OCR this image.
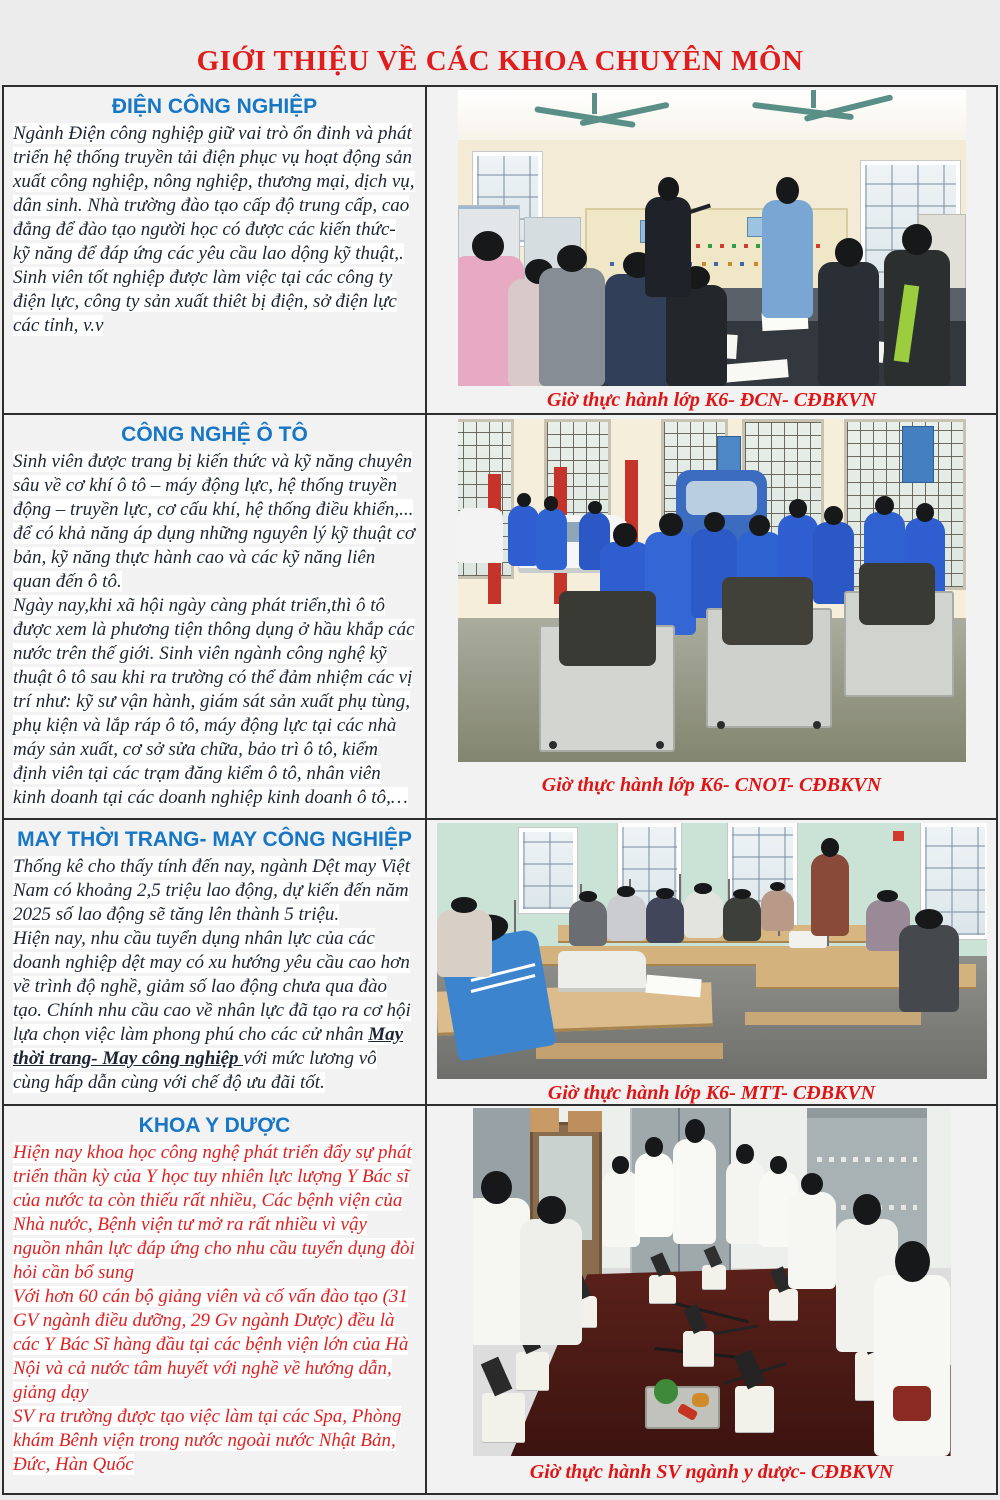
GIỚI THIỆU VỀ CÁC KHOA CHUYÊN MÔN
ĐIỆN CÔNG NGHIỆP

Ngành Điện công nghiệp giữ vai trò ổn đinh và phát triển hệ thống truyền tải điện phục vụ hoạt động sản xuất công nghiệp, nông nghiệp, thương mại, dịch vụ, dân sinh. Nhà trường đào tạo cấp độ trung cấp, cao đẳng để đào tạo người học có được các kiến thức- kỹ năng để đáp ứng các yêu cầu lao dộng kỹ thuật,. Sinh viên tốt nghiệp được làm việc tại các công ty điện lực, công ty sản xuất thiêt bị điện, sở điện lực các tỉnh, v.v

Giờ thực hành lớp K6- ĐCN- CĐBKVN
CÔNG NGHỆ Ô TÔ

Sinh viên được trang bị kiến thức và kỹ năng chuyên sâu về cơ khí ô tô – máy động lực, hệ thống truyền động – truyền lực, cơ cấu khí, hệ thống điều khiển,... để có khả năng áp dụng những nguyên lý kỹ thuật cơ bản, kỹ năng thực hành cao và các kỹ năng liên quan đến ô tô.

Ngày nay,khi xã hội ngày càng phát triển,thì ô tô được xem là phương tiện thông dụng ở hầu khắp các nước trên thế giới. Sinh viên ngành công nghệ kỹ thuật ô tô sau khi ra trường có thể đảm nhiệm các vị trí như: kỹ sư vận hành, giám sát sản xuất phụ tùng, phụ kiện và lắp ráp ô tô, máy động lực tại các nhà máy sản xuất, cơ sở sửa chữa, bảo trì ô tô, kiểm định viên tại các trạm đăng kiểm ô tô, nhân viên kinh doanh tại các doanh nghiệp kinh doanh ô tô,…

Giờ thực hành lớp K6- CNOT- CĐBKVN
MAY THỜI TRANG- MAY CÔNG NGHIỆP

Thống kê cho thấy tính đến nay, ngành Dệt may Việt Nam có khoảng 2,5 triệu lao động, dự kiến đến năm 2025 số lao động sẽ tăng lên thành 5 triệu.

Hiện nay, nhu cầu tuyển dụng nhân lực của các doanh nghiệp dệt may có xu hướng yêu cầu cao hơn về trình độ nghề, giảm số lao động chưa qua đào tạo. Chính nhu cầu cao về nhân lực đã tạo ra cơ hội lựa chọn việc làm phong phú cho các cử nhân May thời trang- May công nghiệp với mức lương vô cùng hấp dẫn cùng với chế độ ưu đãi tốt.	Giờ thực hành lớp K6- MTT- CĐBKVN
KHOA Y DƯỢC

Hiện nay khoa học công nghệ phát triển đẩy sự phát triển thần kỳ của Y học tuy nhiên lực lượng Y Bác sĩ của nước ta còn thiếu rất nhiều, Các bệnh viện của Nhà nước, Bệnh viện tư mở ra rất nhiều vì vậy nguồn nhân lực đáp ứng cho nhu cầu tuyển dụng đòi hỏi cần bổ sung

Với hơn 60 cán bộ giảng viên và cố vấn đào tạo (31 GV ngành điều dưỡng, 29 Gv ngành Dược) đều là các Y Bác Sĩ hàng đầu tại các bệnh viện lớn của Hà Nội và cả nước tâm huyết với nghề về hướng dẫn, giảng dạy

SV ra trường được tạo việc làm tại các Spa, Phòng khám Bênh viện trong nước ngoài nước Nhật Bản, Đức, Hàn Quốc	Giờ thực hành SV ngành y dược- CĐBKVN
